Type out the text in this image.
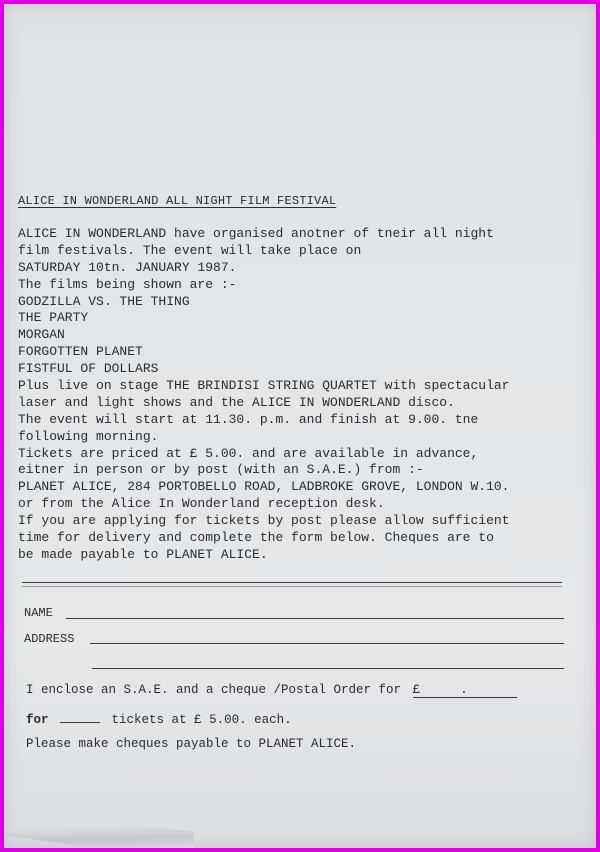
ALICE IN WONDERLAND ALL NIGHT FILM FESTIVAL
ALICE IN WONDERLAND have organised anotner of tneir all night
film festivals. The event will take place on
SATURDAY 10tn. JANUARY 1987.
The films being shown are :-
GODZILLA VS. THE THING
THE PARTY
MORGAN
FORGOTTEN PLANET
FISTFUL OF DOLLARS
Plus live on stage THE BRINDISI STRING QUARTET with spectacular
laser and light shows and the ALICE IN WONDERLAND disco.
The event will start at 11.30. p.m. and finish at 9.00. tne
following morning.
Tickets are priced at £ 5.00. and are available in advance,
eitner in person or by post (with an S.A.E.) from :-
PLANET ALICE, 284 PORTOBELLO ROAD, LADBROKE GROVE, LONDON W.10.
or from the Alice In Wonderland reception desk.
If you are applying for tickets by post please allow sufficient
time for delivery and complete the form below. Cheques are to
be made payable to PLANET ALICE.
NAME
ADDRESS
I enclose an S.A.E. and a cheque /Postal Order for £	.
for	tickets at £ 5.00. each.
Please make cheques payable to PLANET ALICE.
